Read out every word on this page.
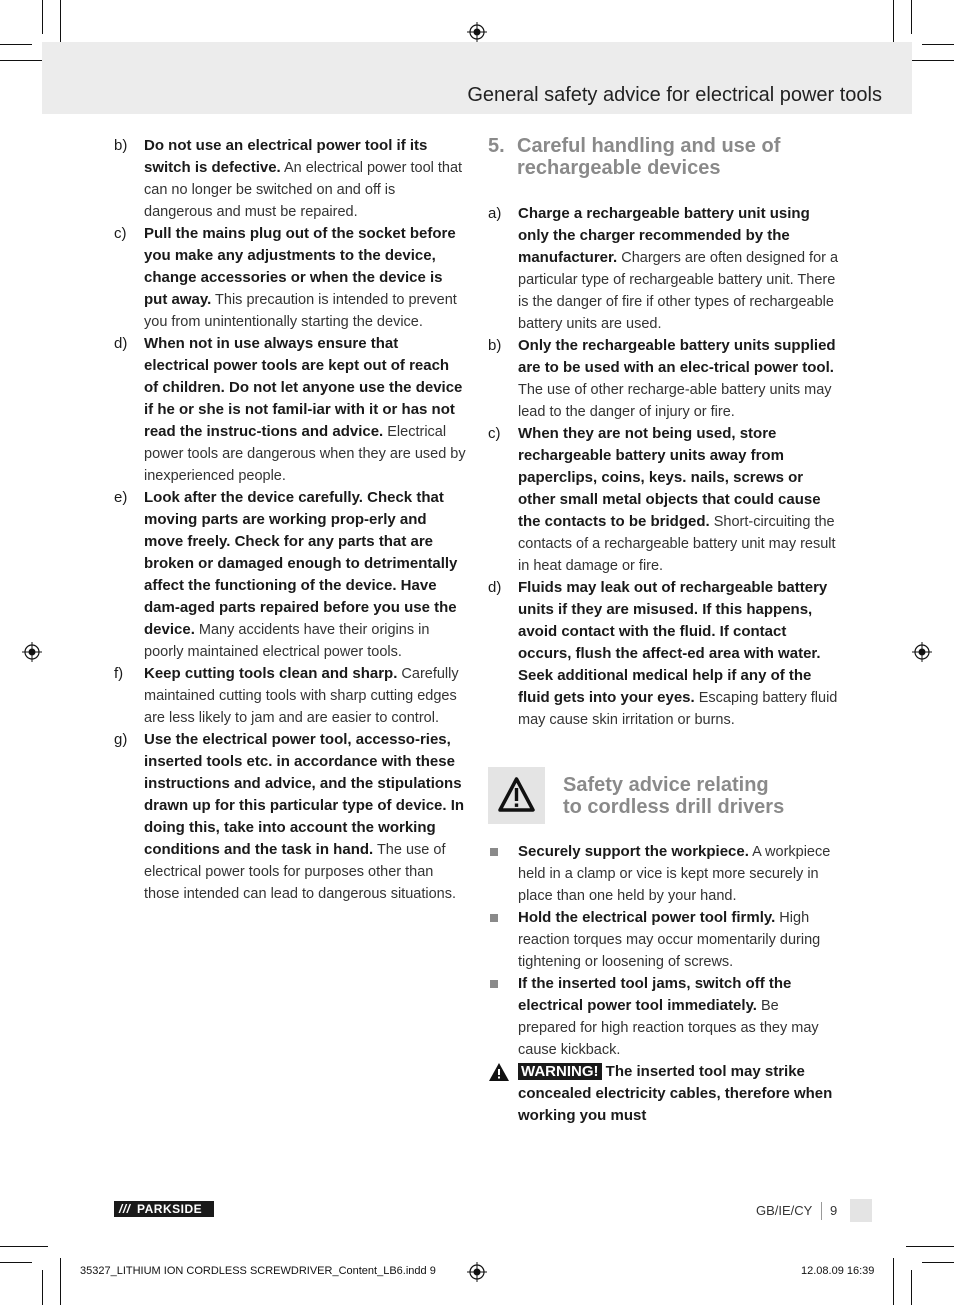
General safety advice for electrical power tools
b) Do not use an electrical power tool if its switch is defective. An electrical power tool that can no longer be switched on and off is dangerous and must be repaired.

c) Pull the mains plug out of the socket before you make any adjustments to the device, change accessories or when the device is put away. This precaution is intended to prevent you from unintentionally starting the device.

d) When not in use always ensure that electrical power tools are kept out of reach of children. Do not let anyone use the device if he or she is not famil-iar with it or has not read the instruc-tions and advice. Electrical power tools are dangerous when they are used by inexperienced people.

e) Look after the device carefully. Check that moving parts are working prop-erly and move freely. Check for any parts that are broken or damaged enough to detrimentally affect the functioning of the device. Have dam-aged parts repaired before you use the device. Many accidents have their origins in poorly maintained electrical power tools.

f) Keep cutting tools clean and sharp. Carefully maintained cutting tools with sharp cutting edges are less likely to jam and are easier to control.

g) Use the electrical power tool, accesso-ries, inserted tools etc. in accordance with these instructions and advice, and the stipulations drawn up for this particular type of device. In doing this, take into account the working conditions and the task in hand. The use of electrical power tools for purposes other than those intended can lead to dangerous situations.

5. Careful handling and use of rechargeable devices
a) Charge a rechargeable battery unit using only the charger recommended by the manufacturer. Chargers are often designed for a particular type of rechargeable battery unit. There is the danger of fire if other types of rechargeable battery units are used.

b) Only the rechargeable battery units supplied are to be used with an elec-trical power tool. The use of other recharge-able battery units may lead to the danger of injury or fire.

c) When they are not being used, store rechargeable battery units away from paperclips, coins, keys. nails, screws or other small metal objects that could cause the contacts to be bridged. Short-circuiting the contacts of a rechargeable battery unit may result in heat damage or fire.

d) Fluids may leak out of rechargeable battery units if they are misused. If this happens, avoid contact with the fluid. If contact occurs, flush the affect-ed area with water. Seek additional medical help if any of the fluid gets into your eyes. Escaping battery fluid may cause skin irritation or burns.

Safety advice relating
to cordless drill drivers

Securely support the workpiece. A workpiece held in a clamp or vice is kept more securely in place than one held by your hand.

Hold the electrical power tool firmly. High reaction torques may occur momentarily during tightening or loosening of screws.

If the inserted tool jams, switch off the electrical power tool immediately. Be prepared for high reaction torques as they may cause kickback.

WARNING! The inserted tool may strike concealed electricity cables, therefore when working you must

/// PARKSIDE	GB/IE/CY 9
35327_LITHIUM ION CORDLESS SCREWDRIVER_Content_LB6.indd 9	12.08.09 16:39
